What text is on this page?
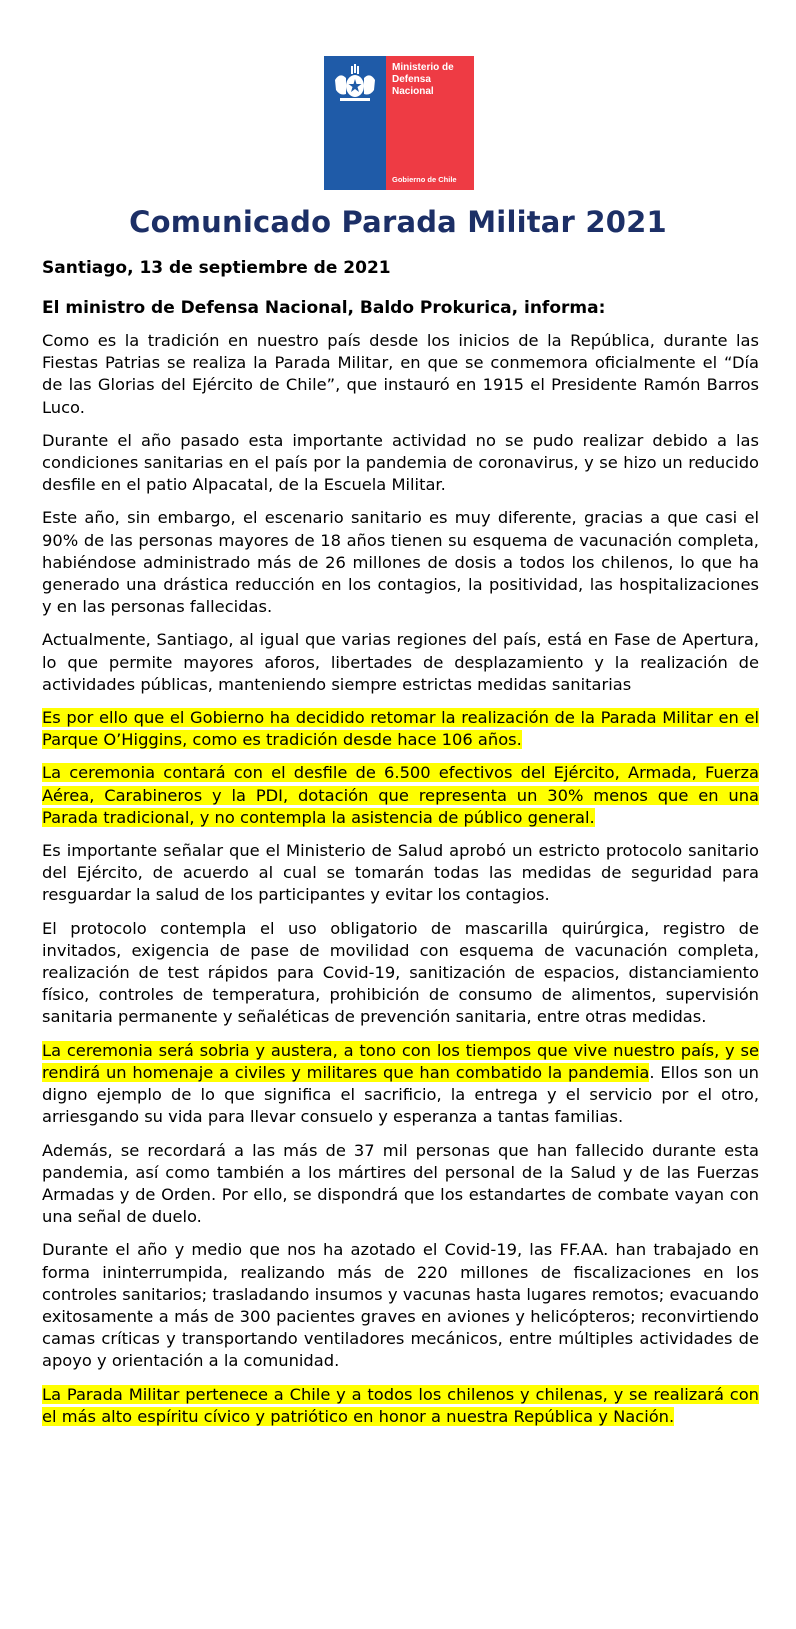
Ministerio de
Defensa
Nacional
Gobierno de Chile
Comunicado Parada Militar 2021

Santiago, 13 de septiembre de 2021

El ministro de Defensa Nacional, Baldo Prokurica, informa:

Como es la tradición en nuestro país desde los inicios de la República, durante las Fiestas Patrias se realiza la Parada Militar, en que se conmemora oficialmente el “Día de las Glorias del Ejército de Chile”, que instauró en 1915 el Presidente Ramón Barros Luco.

Durante el año pasado esta importante actividad no se pudo realizar debido a las condiciones sanitarias en el país por la pandemia de coronavirus, y se hizo un reducido desfile en el patio Alpacatal, de la Escuela Militar.

Este año, sin embargo, el escenario sanitario es muy diferente, gracias a que casi el 90% de las personas mayores de 18 años tienen su esquema de vacunación completa, habiéndose administrado más de 26 millones de dosis a todos los chilenos, lo que ha generado una drástica reducción en los contagios, la positividad, las hospitalizaciones y en las personas fallecidas.

Actualmente, Santiago, al igual que varias regiones del país, está en Fase de Apertura, lo que permite mayores aforos, libertades de desplazamiento y la realización de actividades públicas, manteniendo siempre estrictas medidas sanitarias

Es por ello que el Gobierno ha decidido retomar la realización de la Parada Militar en el Parque O’Higgins, como es tradición desde hace 106 años.

La ceremonia contará con el desfile de 6.500 efectivos del Ejército, Armada, Fuerza Aérea, Carabineros y la PDI, dotación que representa un 30% menos que en una Parada tradicional, y no contempla la asistencia de público general.

Es importante señalar que el Ministerio de Salud aprobó un estricto protocolo sanitario del Ejército, de acuerdo al cual se tomarán todas las medidas de seguridad para resguardar la salud de los participantes y evitar los contagios.

El protocolo contempla el uso obligatorio de mascarilla quirúrgica, registro de invitados, exigencia de pase de movilidad con esquema de vacunación completa, realización de test rápidos para Covid-19, sanitización de espacios, distanciamiento físico, controles de temperatura, prohibición de consumo de alimentos, supervisión sanitaria permanente y señaléticas de prevención sanitaria, entre otras medidas.

La ceremonia será sobria y austera, a tono con los tiempos que vive nuestro país, y se rendirá un homenaje a civiles y militares que han combatido la pandemia. Ellos son un digno ejemplo de lo que significa el sacrificio, la entrega y el servicio por el otro, arriesgando su vida para llevar consuelo y esperanza a tantas familias.

Además, se recordará a las más de 37 mil personas que han fallecido durante esta pandemia, así como también a los mártires del personal de la Salud y de las Fuerzas Armadas y de Orden. Por ello, se dispondrá que los estandartes de combate vayan con una señal de duelo.

Durante el año y medio que nos ha azotado el Covid-19, las FF.AA. han trabajado en forma ininterrumpida, realizando más de 220 millones de fiscalizaciones en los controles sanitarios; trasladando insumos y vacunas hasta lugares remotos; evacuando exitosamente a más de 300 pacientes graves en aviones y helicópteros; reconvirtiendo camas críticas y transportando ventiladores mecánicos, entre múltiples actividades de apoyo y orientación a la comunidad.

La Parada Militar pertenece a Chile y a todos los chilenos y chilenas, y se realizará con el más alto espíritu cívico y patriótico en honor a nuestra República y Nación.
